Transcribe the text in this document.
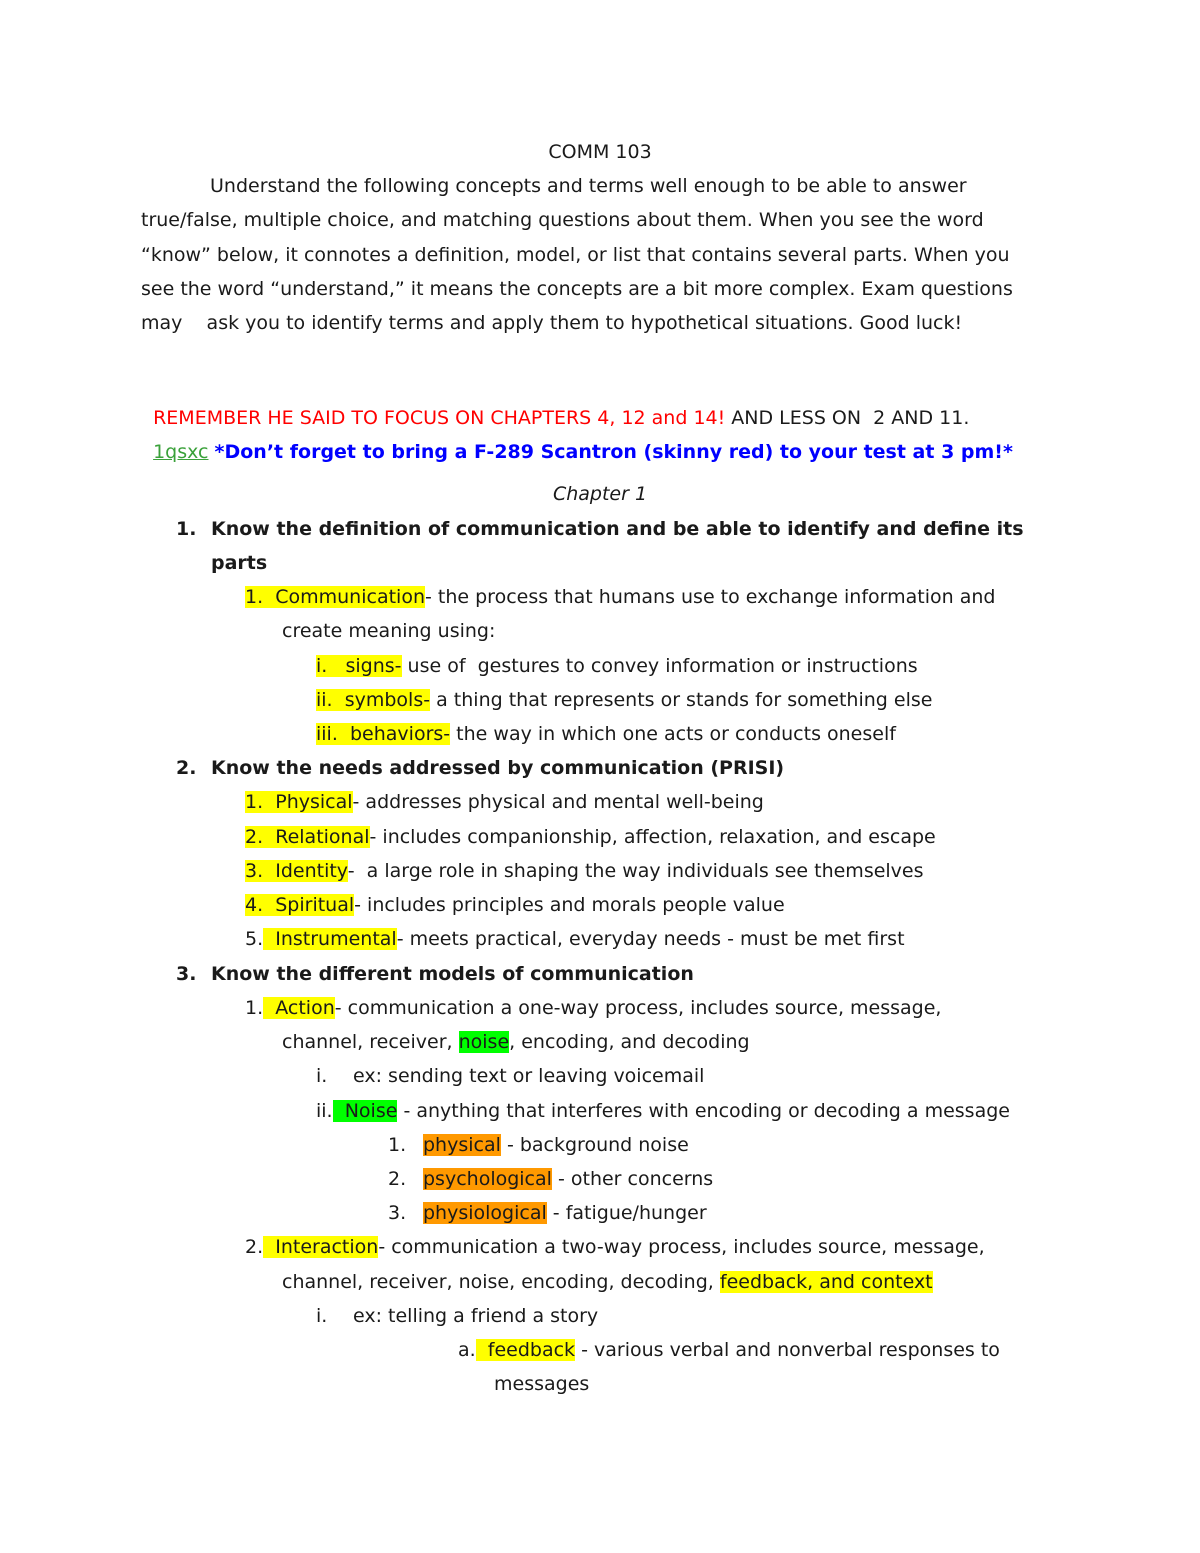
COMM 103
Understand the following concepts and terms well enough to be able to answer
true/false, multiple choice, and matching questions about them. When you see the word
“know” below, it connotes a definition, model, or list that contains several parts. When you
see the word “understand,” it means the concepts are a bit more complex. Exam questions
may    ask you to identify terms and apply them to hypothetical situations. Good luck!

REMEMBER HE SAID TO FOCUS ON CHAPTERS 4, 12 and 14! AND LESS ON  2 AND 11.

1qsxc *Don’t forget to bring a F-289 Scantron (skinny red) to your test at 3 pm!*

Chapter 1
1. Know the definition of communication and be able to identify and define its
parts
1. Communication- the process that humans use to exchange information and
create meaning using:
i. signs- use of  gestures to convey information or instructions
ii. symbols- a thing that represents or stands for something else
iii. behaviors- the way in which one acts or conducts oneself
2. Know the needs addressed by communication (PRISI)
1. Physical- addresses physical and mental well-being
2. Relational- includes companionship, affection, relaxation, and escape
3. Identity-  a large role in shaping the way individuals see themselves
4. Spiritual- includes principles and morals people value
5. Instrumental- meets practical, everyday needs - must be met first
3. Know the different models of communication
1. Action- communication a one-way process, includes source, message,
channel, receiver, noise, encoding, and decoding
i. ex: sending text or leaving voicemail
ii. Noise - anything that interferes with encoding or decoding a message
1. physical - background noise
2. psychological - other concerns
3. physiological - fatigue/hunger
2. Interaction- communication a two-way process, includes source, message,
channel, receiver, noise, encoding, decoding, feedback, and context
i. ex: telling a friend a story
a. feedback - various verbal and nonverbal responses to
messages
